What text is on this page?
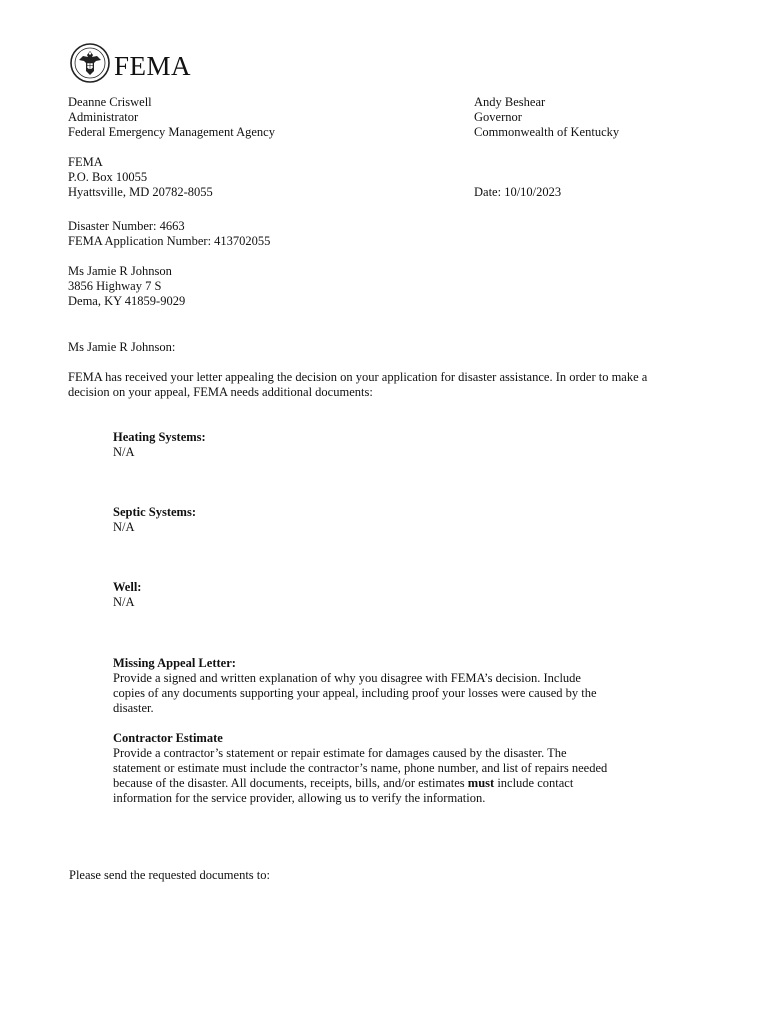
FEMA
Deanne Criswell
Administrator
Federal Emergency Management Agency
Andy Beshear
Governor
Commonwealth of Kentucky
FEMA
P.O. Box 10055
Hyattsville, MD 20782-8055	Date: 10/10/2023
Disaster Number: 4663
FEMA Application Number: 413702055
Ms Jamie R Johnson
3856 Highway 7 S
Dema, KY 41859-9029
Ms Jamie R Johnson:
FEMA has received your letter appealing the decision on your application for disaster assistance. In order to make a decision on your appeal, FEMA needs additional documents:
Heating Systems:
N/A
Septic Systems:
N/A
Well:
N/A
Missing Appeal Letter:
Provide a signed and written explanation of why you disagree with FEMA’s decision. Include copies of any documents supporting your appeal, including proof your losses were caused by the disaster.
Contractor Estimate
Provide a contractor’s statement or repair estimate for damages caused by the disaster. The statement or estimate must include the contractor’s name, phone number, and list of repairs needed because of the disaster. All documents, receipts, bills, and/or estimates must include contact information for the service provider, allowing us to verify the information.
Please send the requested documents to:
